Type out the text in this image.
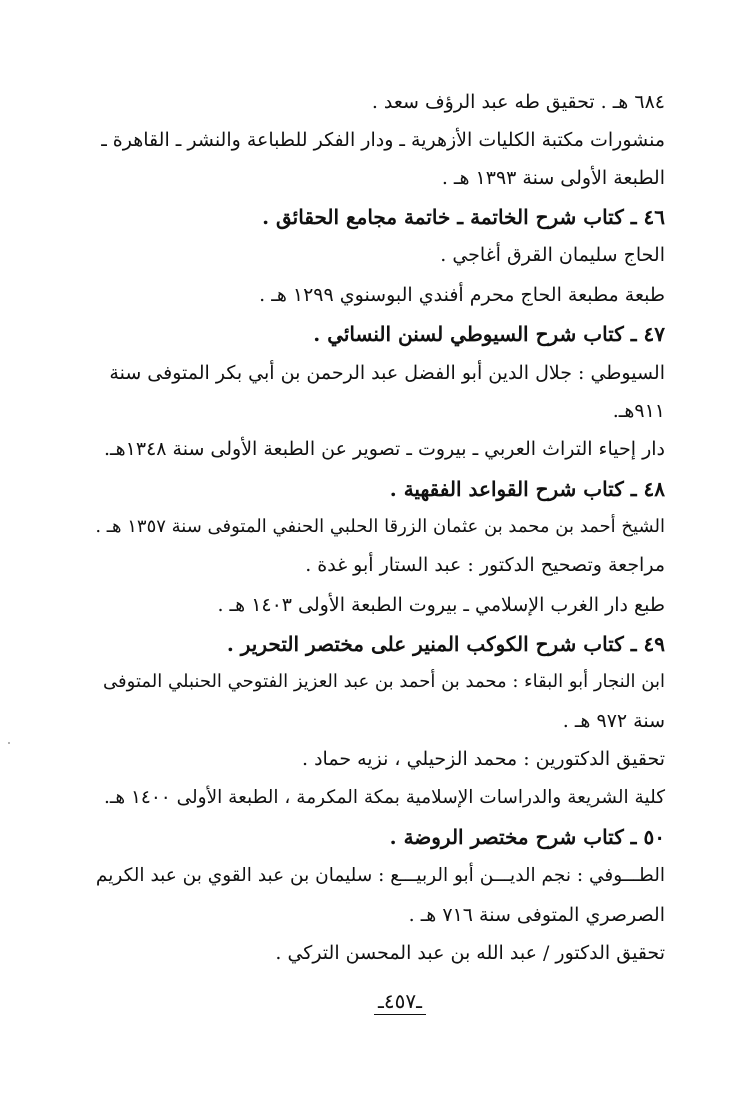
٦٨٤ هـ . تحقيق طه عبد الرؤف سعد .
منشورات مكتبة الكليات الأزهرية ـ ودار الفكر للطباعة والنشر ـ القاهرة ـ
الطبعة الأولى سنة ١٣٩٣ هـ .
٤٦ ـ كتاب شرح الخاتمة ـ خاتمة مجامع الحقائق .
الحاج سليمان القرق أغاجي .
طبعة مطبعة الحاج محرم أفندي البوسنوي ١٢٩٩ هـ .
٤٧ ـ كتاب شرح السيوطي لسنن النسائي .
السيوطي : جلال الدين أبو الفضل عبد الرحمن بن أبي بكر المتوفى سنة
٩١١هـ.
دار إحياء التراث العربي ـ بيروت ـ تصوير عن الطبعة الأولى سنة ١٣٤٨هـ.
٤٨ ـ كتاب شرح القواعد الفقهية .
الشيخ أحمد بن محمد بن عثمان الزرقا الحلبي الحنفي المتوفى سنة ١٣٥٧ هـ .
مراجعة وتصحيح الدكتور : عبد الستار أبو غدة .
طبع دار الغرب الإسلامي ـ بيروت الطبعة الأولى ١٤٠٣ هـ .
٤٩ ـ كتاب شرح الكوكب المنير على مختصر التحرير .
ابن النجار أبو البقاء : محمد بن أحمد بن عبد العزيز الفتوحي الحنبلي المتوفى
سنة ٩٧٢ هـ .
تحقيق الدكتورين : محمد الزحيلي ، نزيه حماد .
كلية الشريعة والدراسات الإسلامية بمكة المكرمة ، الطبعة الأولى ١٤٠٠ هـ.
٥٠ ـ كتاب شرح مختصر الروضة .
الطـــوفي : نجم الديـــن أبو الربيـــع : سليمان بن عبد القوي بن عبد الكريم
الصرصري المتوفى سنة ٧١٦ هـ .
تحقيق الدكتور / عبد الله بن عبد المحسن التركي .
ـ٤٥٧ـ
